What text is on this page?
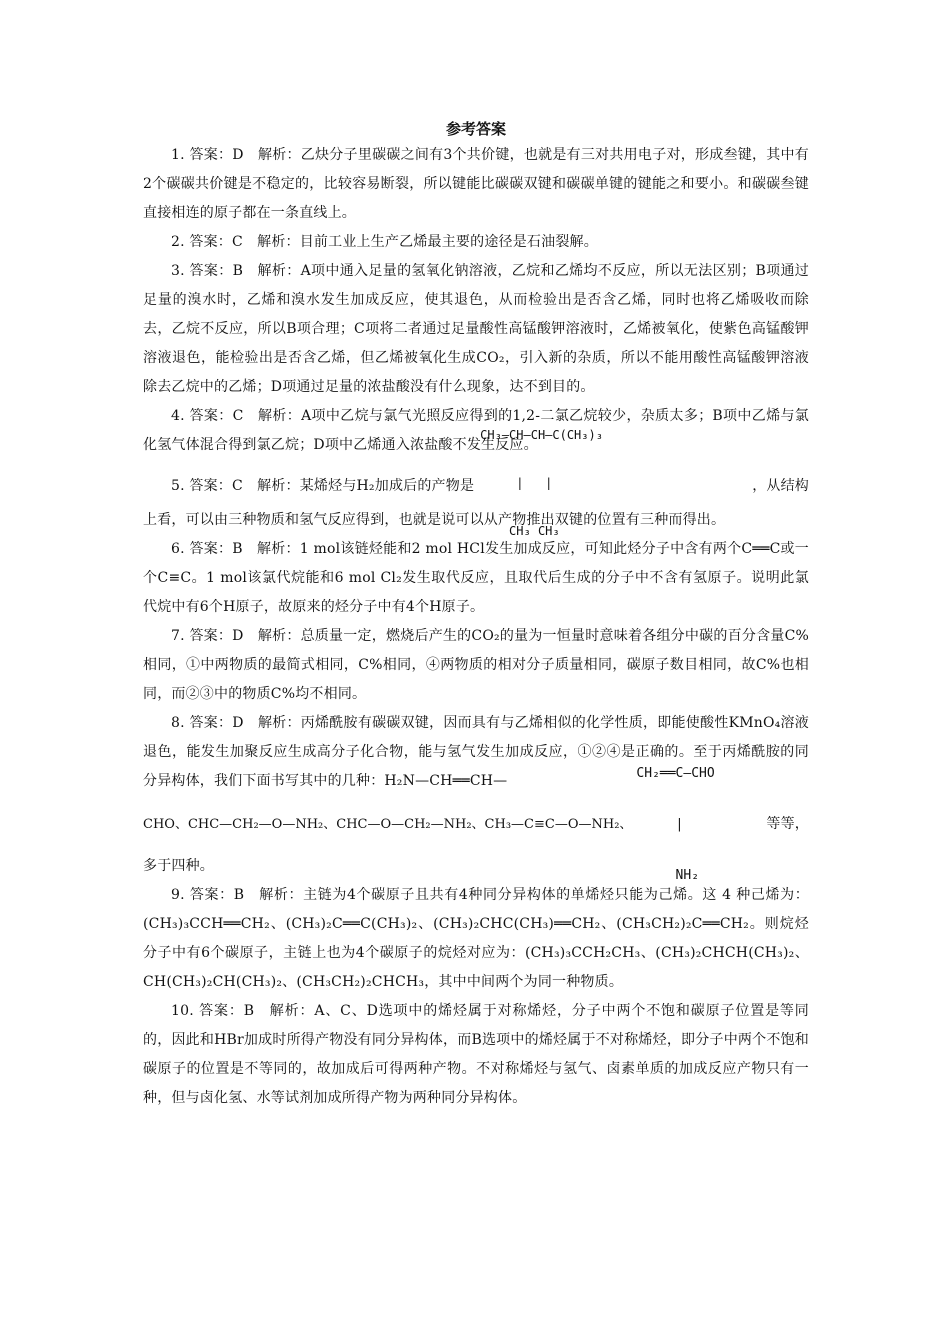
参考答案

1. 答案：D　解析：乙炔分子里碳碳之间有3个共价键，也就是有三对共用电子对，形成叁键，其中有2个碳碳共价键是不稳定的，比较容易断裂，所以键能比碳碳双键和碳碳单键的键能之和要小。和碳碳叁键直接相连的原子都在一条直线上。

2. 答案：C　解析：目前工业上生产乙烯最主要的途径是石油裂解。

3. 答案：B　解析：A项中通入足量的氢氧化钠溶液，乙烷和乙烯均不反应，所以无法区别；B项通过足量的溴水时，乙烯和溴水发生加成反应，使其退色，从而检验出是否含乙烯，同时也将乙烯吸收而除去，乙烷不反应，所以B项合理；C项将二者通过足量酸性高锰酸钾溶液时，乙烯被氧化，使紫色高锰酸钾溶液退色，能检验出是否含乙烯，但乙烯被氧化生成CO₂，引入新的杂质，所以不能用酸性高锰酸钾溶液除去乙烷中的乙烯；D项通过足量的浓盐酸没有什么现象，达不到目的。

4. 答案：C　解析：A项中乙烷与氯气光照反应得到的1,2-二氯乙烷较少，杂质太多；B项中乙烯与氯化氢气体混合得到氯乙烷；D项中乙烯通入浓盐酸不发生反应。

5. 答案：C　解析：某烯烃与H₂加成后的产物是

CH₃—CH—CH—C(CH₃)₃

|   |

CH₃ CH₃

，从结构

上看，可以由三种物质和氢气反应得到，也就是说可以从产物推出双键的位置有三种而得出。

6. 答案：B　解析：1 mol该链烃能和2 mol HCl发生加成反应，可知此烃分子中含有两个C══C或一个C≡C。1 mol该氯代烷能和6 mol Cl₂发生取代反应，且取代后生成的分子中不含有氢原子。说明此氯代烷中有6个H原子，故原来的烃分子中有4个H原子。

7. 答案：D　解析：总质量一定，燃烧后产生的CO₂的量为一恒量时意味着各组分中碳的百分含量C%相同，①中两物质的最简式相同，C%相同，④两物质的相对分子质量相同，碳原子数目相同，故C%也相同，而②③中的物质C%均不相同。

8. 答案：D　解析：丙烯酰胺有碳碳双键，因而具有与乙烯相似的化学性质，即能使酸性KMnO₄溶液退色，能发生加聚反应生成高分子化合物，能与氢气发生加成反应，①②④是正确的。至于丙烯酰胺的同分异构体，我们下面书写其中的几种：H₂N—CH══CH—

CHO、CHC—CH₂—O—NH₂、CHC—O—CH₂—NH₂、CH₃—C≡C—O—NH₂、

CH₂══C—CHO

|

NH₂

等等，

多于四种。

9. 答案：B　解析：主链为4个碳原子且共有4种同分异构体的单烯烃只能为己烯。这 4 种己烯为：(CH₃)₃CCH══CH₂、(CH₃)₂C══C(CH₃)₂、(CH₃)₂CHC(CH₃)══CH₂、(CH₃CH₂)₂C══CH₂。则烷烃分子中有6个碳原子，主链上也为4个碳原子的烷烃对应为：(CH₃)₃CCH₂CH₃、(CH₃)₂CHCH(CH₃)₂、CH(CH₃)₂CH(CH₃)₂、(CH₃CH₂)₂CHCH₃，其中中间两个为同一种物质。

10. 答案：B　解析：A、C、D选项中的烯烃属于对称烯烃，分子中两个不饱和碳原子位置是等同的，因此和HBr加成时所得产物没有同分异构体，而B选项中的烯烃属于不对称烯烃，即分子中两个不饱和碳原子的位置是不等同的，故加成后可得两种产物。不对称烯烃与氢气、卤素单质的加成反应产物只有一种，但与卤化氢、水等试剂加成所得产物为两种同分异构体。
